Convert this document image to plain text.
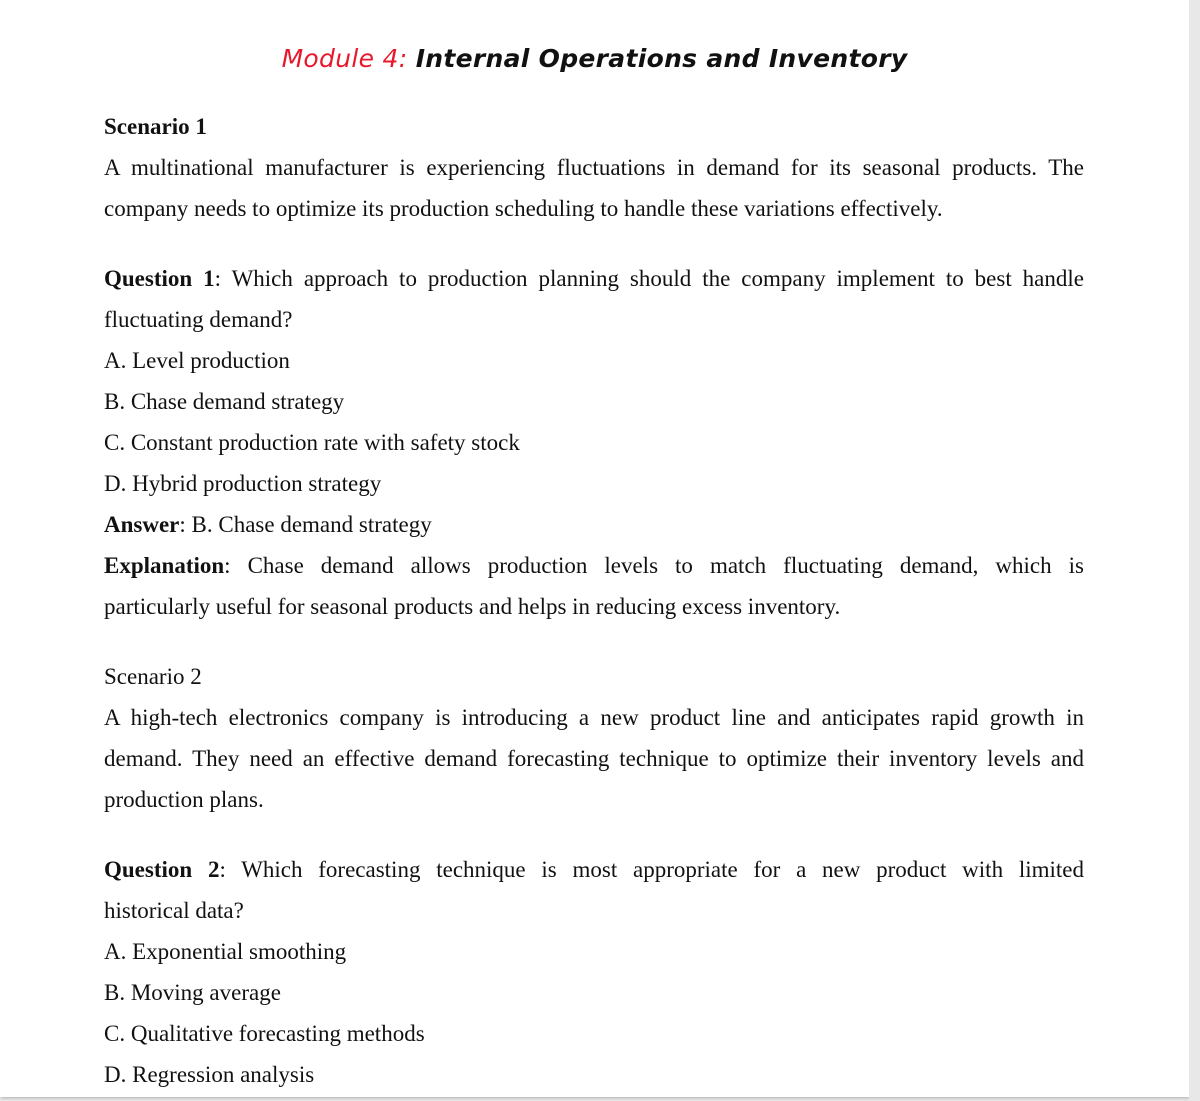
Module 4: Internal Operations and Inventory
Scenario 1
A multinational manufacturer is experiencing fluctuations in demand for its seasonal products. The
company needs to optimize its production scheduling to handle these variations effectively.
Question 1: Which approach to production planning should the company implement to best handle
fluctuating demand?
A. Level production
B. Chase demand strategy
C. Constant production rate with safety stock
D. Hybrid production strategy
Answer: B. Chase demand strategy
Explanation: Chase demand allows production levels to match fluctuating demand, which is
particularly useful for seasonal products and helps in reducing excess inventory.
Scenario 2
A high-tech electronics company is introducing a new product line and anticipates rapid growth in
demand. They need an effective demand forecasting technique to optimize their inventory levels and
production plans.
Question 2: Which forecasting technique is most appropriate for a new product with limited
historical data?
A. Exponential smoothing
B. Moving average
C. Qualitative forecasting methods
D. Regression analysis
